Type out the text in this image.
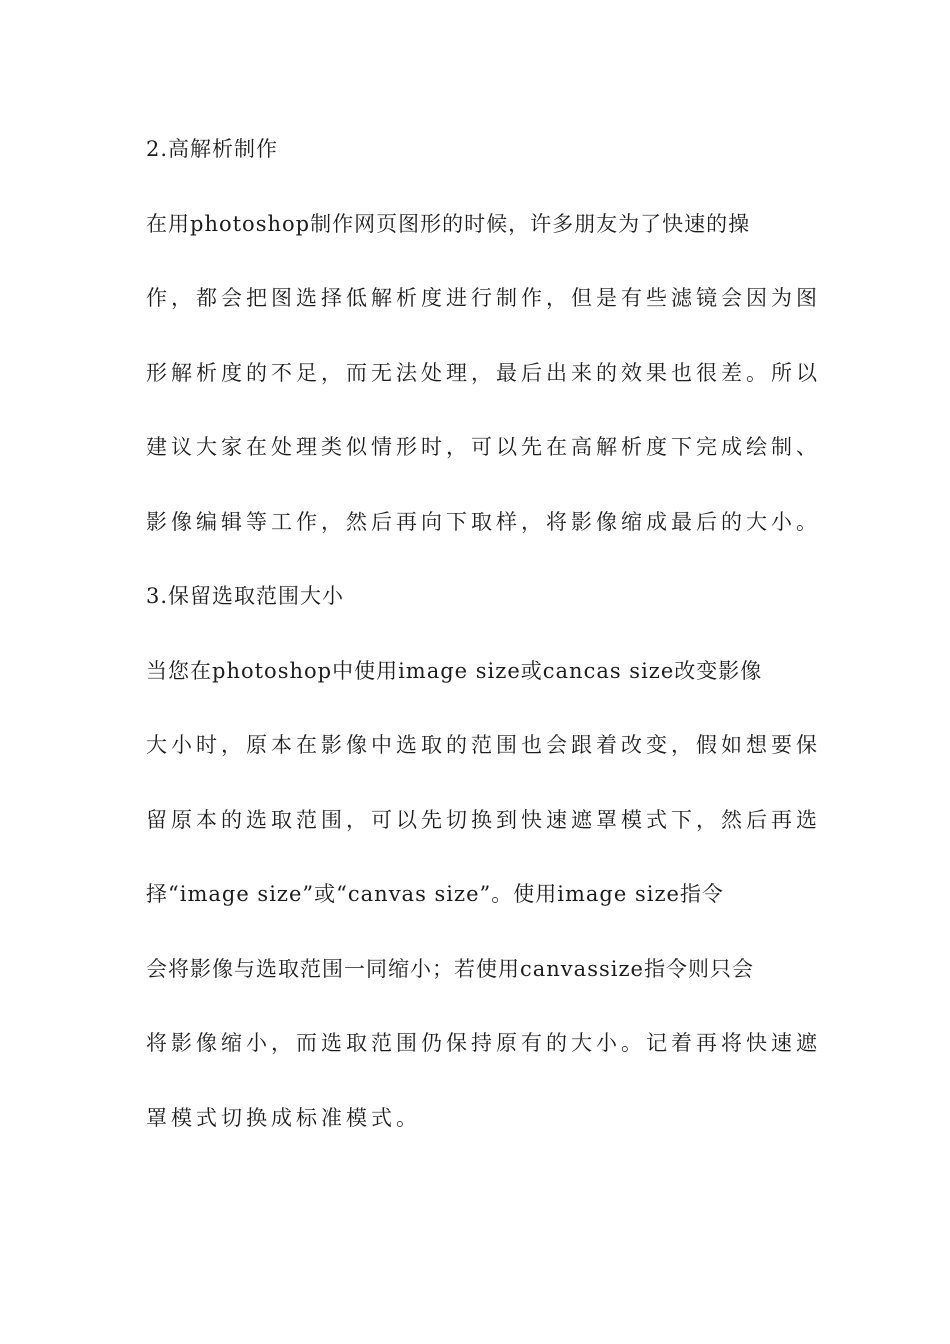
2.高解析制作
在用photoshop制作网页图形的时候，许多朋友为了快速的操
作，都会把图选择低解析度进行制作，但是有些滤镜会因为图
形解析度的不足，而无法处理，最后出来的效果也很差。所以
建议大家在处理类似情形时，可以先在高解析度下完成绘制、
影像编辑等工作，然后再向下取样，将影像缩成最后的大小。
3.保留选取范围大小
当您在photoshop中使用image size或cancas size改变影像
大小时，原本在影像中选取的范围也会跟着改变，假如想要保
留原本的选取范围，可以先切换到快速遮罩模式下，然后再选
择“image size”或“canvas size”。使用image size指令
会将影像与选取范围一同缩小；若使用canvassize指令则只会
将影像缩小，而选取范围仍保持原有的大小。记着再将快速遮
罩模式切换成标准模式。
